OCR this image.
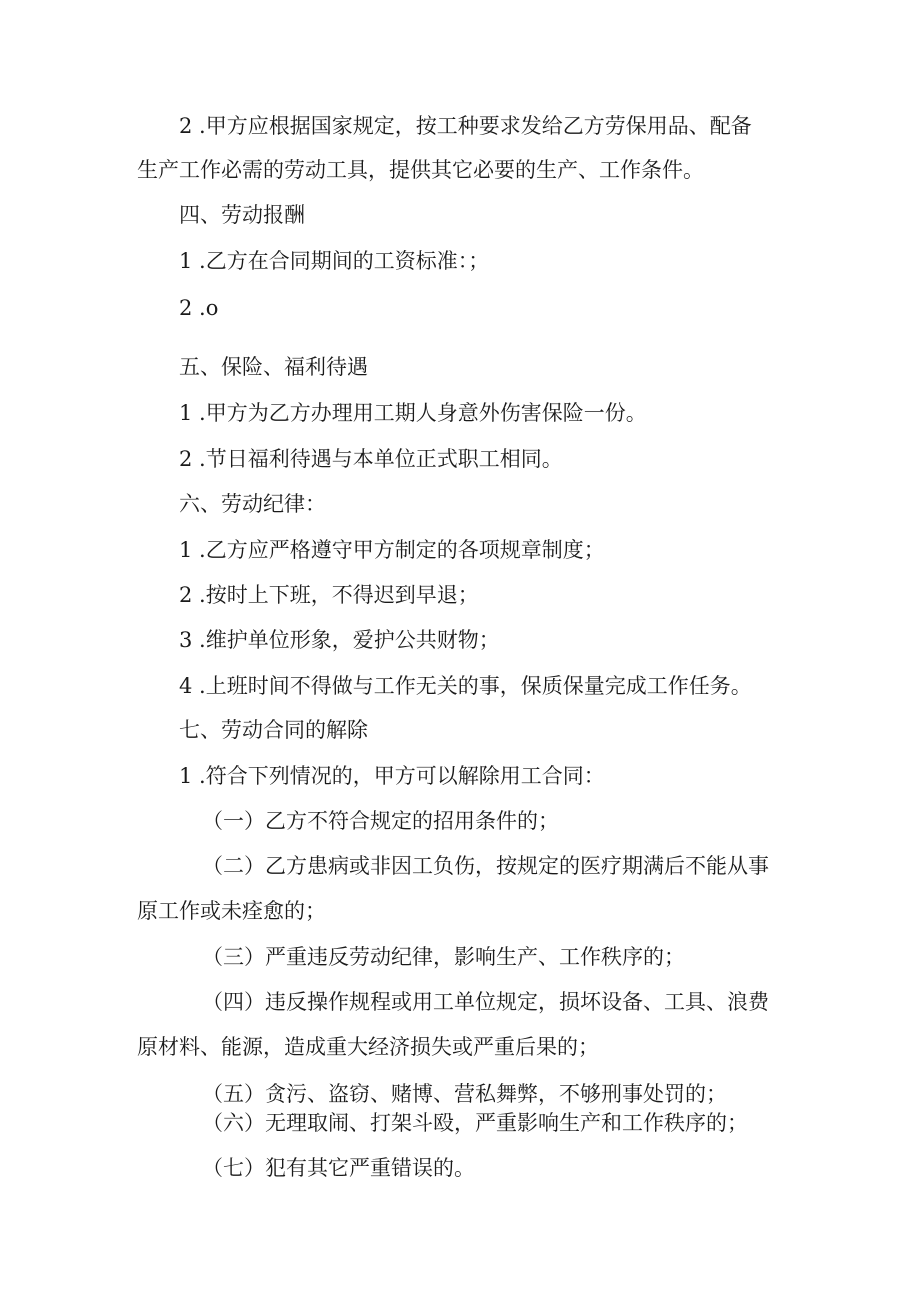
2 .甲方应根据国家规定，按工种要求发给乙方劳保用品、配备

生产工作必需的劳动工具，提供其它必要的生产、工作条件。

四、劳动报酬

1 .乙方在合同期间的工资标准：；

2 .o

五、保险、福利待遇

1 .甲方为乙方办理用工期人身意外伤害保险一份。

2 .节日福利待遇与本单位正式职工相同。

六、劳动纪律：

1 .乙方应严格遵守甲方制定的各项规章制度；

2 .按时上下班，不得迟到早退；

3 .维护单位形象，爱护公共财物；

4 .上班时间不得做与工作无关的事，保质保量完成工作任务。

七、劳动合同的解除

1 .符合下列情况的，甲方可以解除用工合同：

（一）乙方不符合规定的招用条件的；

（二）乙方患病或非因工负伤，按规定的医疗期满后不能从事

原工作或未痊愈的；

（三）严重违反劳动纪律，影响生产、工作秩序的；

（四）违反操作规程或用工单位规定，损坏设备、工具、浪费

原材料、能源，造成重大经济损失或严重后果的；

（五）贪污、盗窃、赌博、营私舞弊，不够刑事处罚的；

（六）无理取闹、打架斗殴，严重影响生产和工作秩序的；

（七）犯有其它严重错误的。
